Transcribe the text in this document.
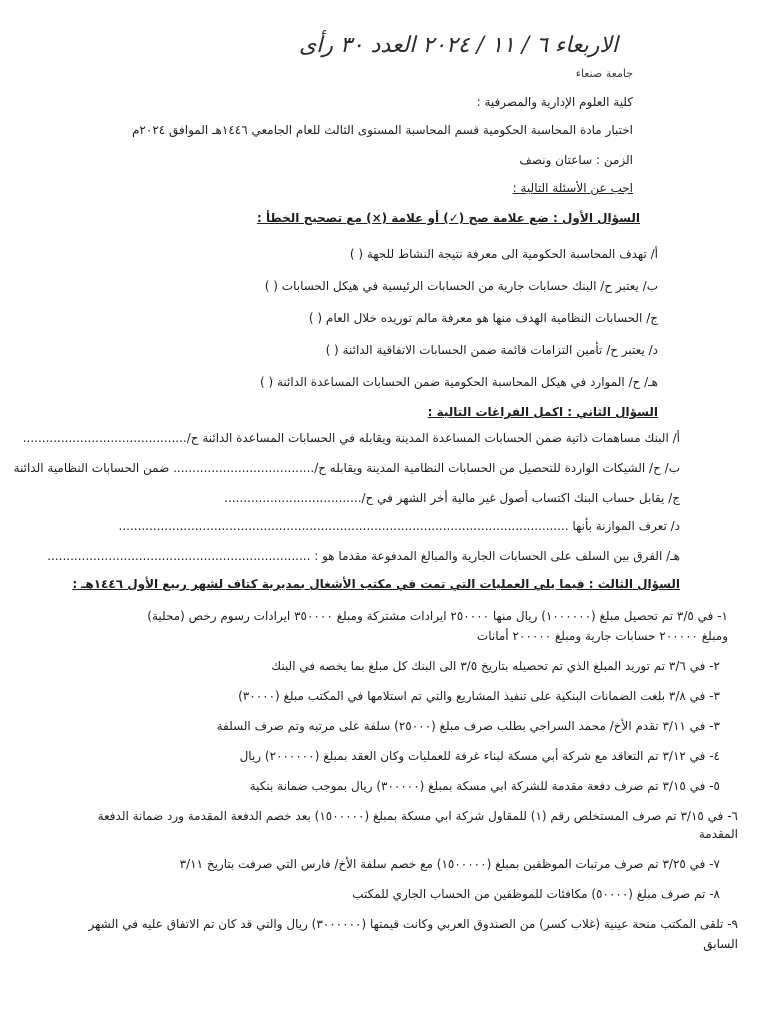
الاربعاء ٦ / ١١ / ٢٠٢٤ العدد ٣٠ رأى
جامعة صنعاء
كلية العلوم الإدارية والمصرفية :
اختبار مادة المحاسبة الحكومية قسم المحاسبة المستوى الثالث للعام الجامعي ١٤٤٦هـ الموافق ٢٠٢٤م
الزمن : ساعتان ونصف
اجب عن الأسئلة التالية :
السؤال الأول : ضع علامة صح (✓) أو علامة (×) مع تصحيح الخطأ :
أ/ تهدف المحاسبة الحكومية الى معرفة نتيجة النشاط للجهة ( )
ب/ يعتبر ح/ البنك حسابات جارية من الحسابات الرئيسية في هيكل الحسابات ( )
ج/ الحسابات النظامية الهدف منها هو معرفة مالم توريده خلال العام ( )
د/ يعتبر ح/ تأمين التزامات قائمة ضمن الحسابات الاتفاقية الدائنة ( )
هـ/ ح/ الموارد في هيكل المحاسبة الحكومية ضمن الحسابات المساعدة الدائنة ( )
السؤال الثاني : اكمل الفراغات التالية :
أ/ البنك مساهمات ذاتية ضمن الحسابات المساعدة المدينة ويقابله في الحسابات المساعدة الدائنة ح/...........................................
ب/ ح/ الشيكات الواردة للتحصيل من الحسابات النظامية المدينة ويقابله ح/..................................... ضمن الحسابات النظامية الدائنة
ج/ يقابل حساب البنك اكتساب أصول غير مالية أخر الشهر في ح/....................................
د/ تعرف الموازنة بأنها ......................................................................................................................
هـ/ الفرق بين السلف على الحسابات الجارية والمبالغ المدفوعة مقدما هو : .....................................................................
السؤال الثالث : فيما يلي العمليات التي تمت في مكتب الأشغال بمديرية كتاف لشهر ربيع الأول ١٤٤٦هـ :
١- في ٣/٥ تم تحصيل مبلغ (١٠٠٠٠٠٠) ريال منها ٢٥٠٠٠٠ ايرادات مشتركة ومبلغ ٣٥٠٠٠٠ ايرادات رسوم رخص (محلية)
ومبلغ ٢٠٠٠٠٠ حسابات جارية ومبلغ ٢٠٠٠٠٠ أمانات
٢- في ٣/٦ تم توريد المبلغ الذي تم تحصيله بتاريخ ٣/٥ الى البنك كل مبلغ بما يخصه في البنك
٣- في ٣/٨ بلغت الضمانات البنكية على تنفيذ المشاريع والتي تم استلامها في المكتب مبلغ (٣٠٠٠٠)
٣- في ٣/١١ تقدم الأخ/ محمد السراجي بطلب صرف مبلغ (٢٥٠٠٠) سلفة على مرتبه وتم صرف السلفة
٤- في ٣/١٢ تم التعاقد مع شركة أبي مسكة لبناء غرفة للعمليات وكان العقد بمبلغ (٢٠٠٠٠٠٠) ريال
٥- في ٣/١٥ تم صرف دفعة مقدمة للشركة ابي مسكة بمبلغ (٣٠٠٠٠٠) ريال بموجب ضمانة بنكية
٦- في ٣/١٥ تم صرف المستخلص رقم (١) للمقاول شركة ابي مسكة بمبلغ (١٥٠٠٠٠٠) بعد خصم الدفعة المقدمة ورد ضمانة الدفعة
المقدمة
٧- في ٣/٢٥ تم صرف مرتبات الموظفين بمبلغ (١٥٠٠٠٠٠) مع خصم سلفة الأخ/ فارس التي صرفت بتاريخ ٣/١١
٨- تم صرف مبلغ (٥٠٠٠٠) مكافئات للموظفين من الحساب الجاري للمكتب
٩- تلقى المكتب منحة عينية (غلاب كسر) من الصندوق العربي وكانت قيمتها (٣٠٠٠٠٠٠) ريال والتي قد كان تم الاتفاق عليه في الشهر
السابق
